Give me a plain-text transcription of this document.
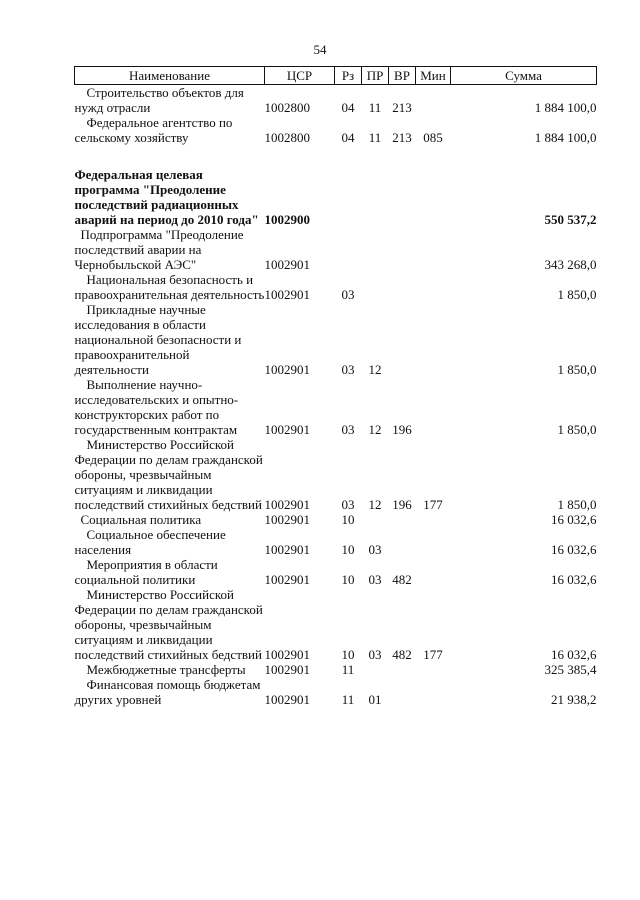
54
Наименование	ЦСР	Рз	ПР	ВР	Мин	Сумма
Строительство объектов для нужд отрасли	1002800	04	11	213		1 884 100,0
Федеральное агентство по сельскому хозяйству	1002800	04	11	213	085	1 884 100,0
Федеральная целевая программа "Преодоление последствий радиационных аварий на период до 2010 года"	1002900					550 537,2
Подпрограмма "Преодоление последствий аварии на Чернобыльской АЭС"	1002901					343 268,0
Национальная безопасность и правоохранительная деятельность	1002901	03				1 850,0
Прикладные научные исследования в области национальной безопасности и правоохранительной деятельности	1002901	03	12			1 850,0
Выполнение научно-исследовательских и опытно-конструкторских работ по государственным контрактам	1002901	03	12	196		1 850,0
Министерство Российской Федерации по делам гражданской обороны, чрезвычайным ситуациям и ликвидации последствий стихийных бедствий	1002901	03	12	196	177	1 850,0
Социальная политика	1002901	10				16 032,6
Социальное обеспечение населения	1002901	10	03			16 032,6
Мероприятия в области социальной политики	1002901	10	03	482		16 032,6
Министерство Российской Федерации по делам гражданской обороны, чрезвычайным ситуациям и ликвидации последствий стихийных бедствий	1002901	10	03	482	177	16 032,6
Межбюджетные трансферты	1002901	11				325 385,4
Финансовая помощь бюджетам других уровней	1002901	11	01			21 938,2
